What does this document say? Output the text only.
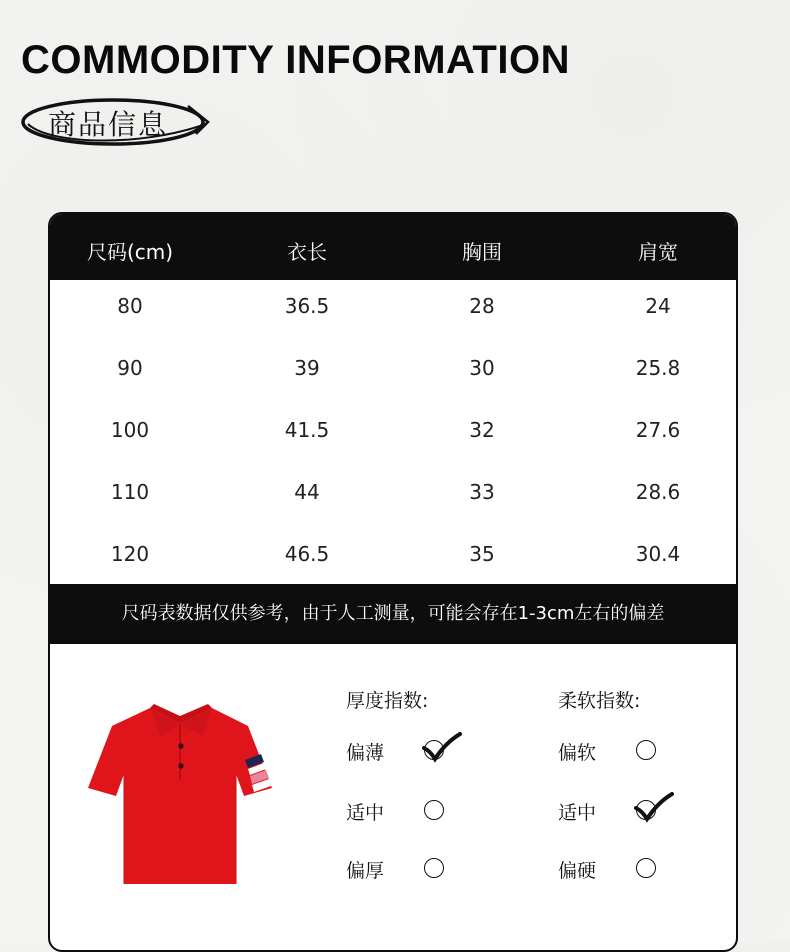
COMMODITY INFORMATION
商品信息
尺码(cm)	衣长	胸围	肩宽
80	36.5	28	24
90	39	30	25.8
100	41.5	32	27.6
110	44	33	28.6
120	46.5	35	30.4
尺码表数据仅供参考，由于人工测量，可能会存在1-3cm左右的偏差
厚度指数:
偏薄
适中
偏厚
柔软指数:
偏软
适中
偏硬
